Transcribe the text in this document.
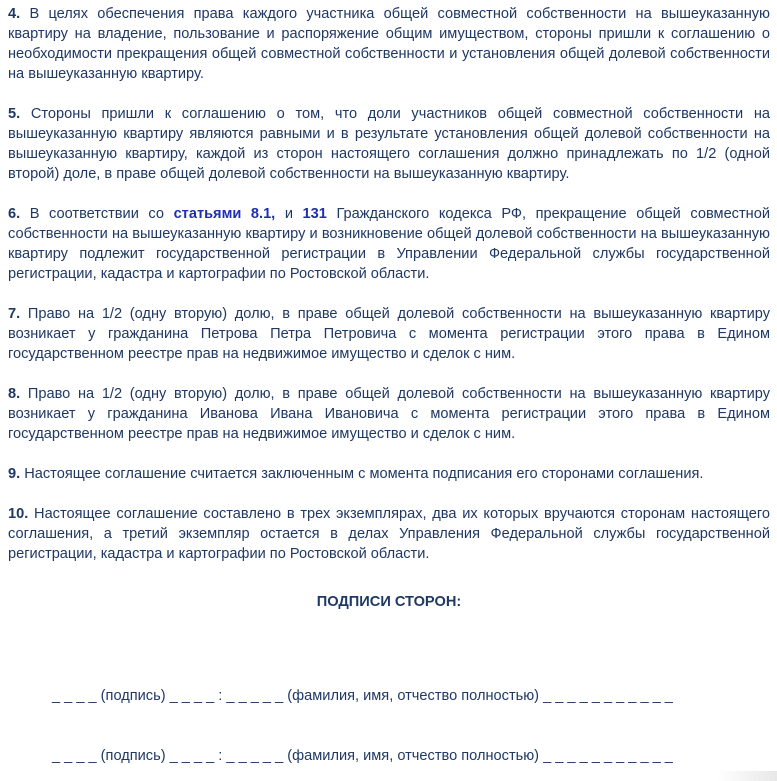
4. В целях обеспечения права каждого участника общей совместной собственности на вышеуказанную квартиру на владение, пользование и распоряжение общим имуществом, стороны пришли к соглашению о необходимости прекращения общей совместной собственности и установления общей долевой собственности на вышеуказанную квартиру.

5. Стороны пришли к соглашению о том, что доли участников общей совместной собственности на вышеуказанную квартиру являются равными и в результате установления общей долевой собственности на вышеуказанную квартиру, каждой из сторон настоящего соглашения должно принадлежать по 1/2 (одной второй) доле, в праве общей долевой собственности на вышеуказанную квартиру.

6. В соответствии со статьями 8.1, и 131 Гражданского кодекса РФ, прекращение общей совместной собственности на вышеуказанную квартиру и возникновение общей долевой собственности на вышеуказанную квартиру подлежит государственной регистрации в Управлении Федеральной службы государственной регистрации, кадастра и картографии по Ростовской области.

7. Право на 1/2 (одну вторую) долю, в праве общей долевой собственности на вышеуказанную квартиру возникает у гражданина Петрова Петра Петровича с момента регистрации этого права в Едином государственном реестре прав на недвижимое имущество и сделок с ним.

8. Право на 1/2 (одну вторую) долю, в праве общей долевой собственности на вышеуказанную квартиру возникает у гражданина Иванова Ивана Ивановича с момента регистрации этого права в Едином государственном реестре прав на недвижимое имущество и сделок с ним.

9. Настоящее соглашение считается заключенным с момента подписания его сторонами соглашения.

10. Настоящее соглашение составлено в трех экземплярах, два их которых вручаются сторонам настоящего соглашения, а третий экземпляр остается в делах Управления Федеральной службы государственной регистрации, кадастра и картографии по Ростовской области.

ПОДПИСИ СТОРОН:
_ _ _ _ (подпись) _ _ _ _ : _ _ _ _ _ (фамилия, имя, отчество полностью) _ _ _ _ _ _ _ _ _ _ _
_ _ _ _ (подпись) _ _ _ _ : _ _ _ _ _ (фамилия, имя, отчество полностью) _ _ _ _ _ _ _ _ _ _ _
